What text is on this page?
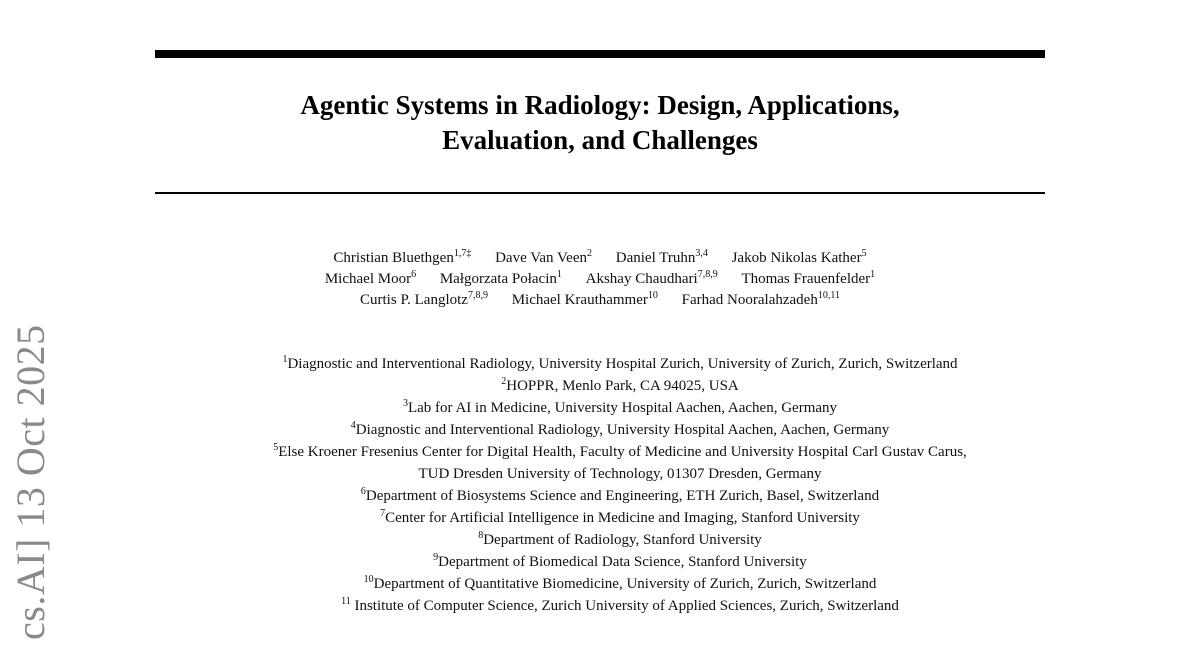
cs.AI] 13 Oct 2025
Agentic Systems in Radiology: Design, Applications,
Evaluation, and Challenges
Christian Bluethgen$^{1,7\ddagger}$ Dave Van Veen$^2$ Daniel Truhn$^{3,4}$ Jakob Nikolas Kather$^5$
Michael Moor$^6$ Małgorzata Połacin$^1$ Akshay Chaudhari$^{7,8,9}$ Thomas Frauenfelder$^1$
Curtis P. Langlotz$^{7,8,9}$ Michael Krauthammer$^{10}$ Farhad Nooralahzadeh$^{10,11}$
$^1$Diagnostic and Interventional Radiology, University Hospital Zurich, University of Zurich, Zurich, Switzerland
$^2$HOPPR, Menlo Park, CA 94025, USA
$^3$Lab for AI in Medicine, University Hospital Aachen, Aachen, Germany
$^4$Diagnostic and Interventional Radiology, University Hospital Aachen, Aachen, Germany
$^5$Else Kroener Fresenius Center for Digital Health, Faculty of Medicine and University Hospital Carl Gustav Carus,
TUD Dresden University of Technology, 01307 Dresden, Germany
$^6$Department of Biosystems Science and Engineering, ETH Zurich, Basel, Switzerland
$^7$Center for Artificial Intelligence in Medicine and Imaging, Stanford University
$^8$Department of Radiology, Stanford University
$^9$Department of Biomedical Data Science, Stanford University
$^{10}$Department of Quantitative Biomedicine, University of Zurich, Zurich, Switzerland
$^{11}$ Institute of Computer Science, Zurich University of Applied Sciences, Zurich, Switzerland
